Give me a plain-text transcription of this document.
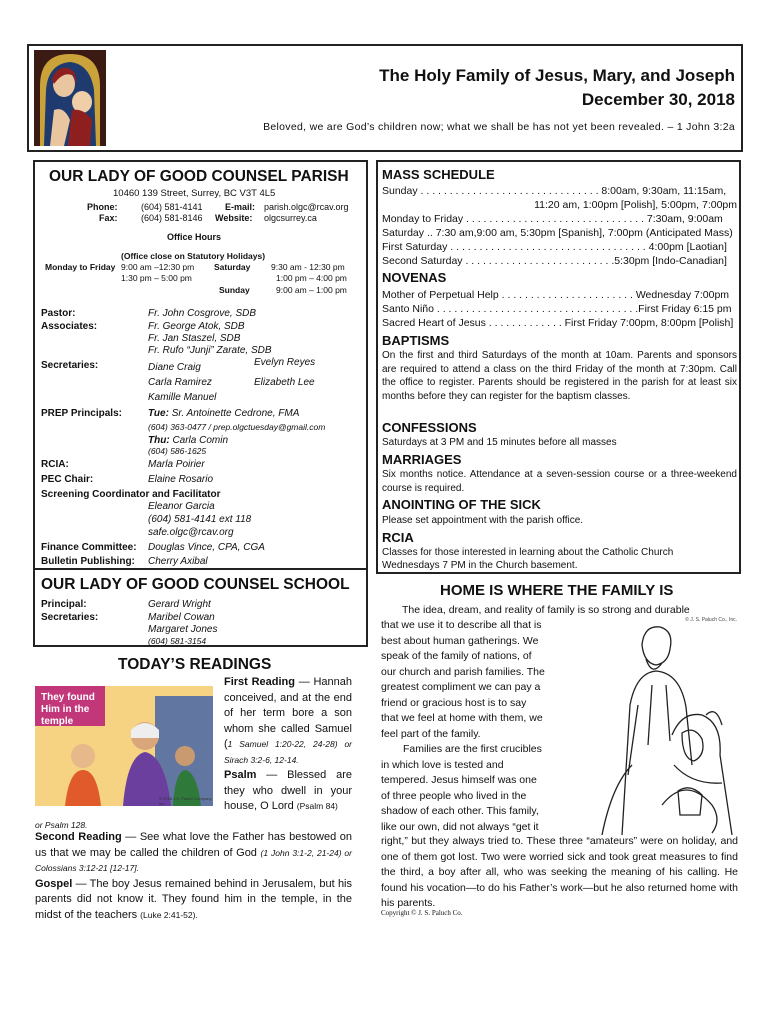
The Holy Family of Jesus, Mary, and Joseph
December 30, 2018
Beloved, we are God’s children now; what we shall be has not yet been revealed. – 1 John 3:2a
OUR LADY OF GOOD COUNSEL PARISH
10460 139 Street, Surrey, BC V3T 4L5
Phone:	(604) 581-4141 E-mail: parish.olgc@rcav.org
Fax:	(604) 581-8146 Website: olgcsurrey.ca
Office Hours
(Office close on Statutory Holidays)
Monday to Friday 9:00 am –12:30 pm
1:30 pm – 5:00 pm
Saturday 9:30 am - 12:30 pm
1:00 pm – 4:00 pm
Sunday	9:00 am – 1:00 pm
Pastor:	Fr. John Cosgrove, SDB
Associates:	Fr. George Atok, SDB
Fr. Jan Staszel, SDB
Fr. Rufo “Junji” Zarate, SDB
Secretaries:	Diane Craig	Evelyn Reyes
Carla Ramirez	Elizabeth Lee
Kamille Manuel
PREP Principals:	Tue: Sr. Antoinette Cedrone, FMA
(604) 363-0477 / prep.olgctuesday@gmail.com
Thu: Carla Comin
(604) 586-1625
RCIA:	Marla Poirier
PEC Chair:	Elaine Rosario
Screening Coordinator and Facilitator
Eleanor Garcia
(604) 581-4141 ext 118
safe.olgc@rcav.org
Finance Committee: Douglas Vince, CPA, CGA
Bulletin Publishing: Cherry Axibal
OUR LADY OF GOOD COUNSEL SCHOOL
Principal:	Gerard Wright
Secretaries:	Maribel Cowan
Margaret Jones
(604) 581-3154
TODAY’S READINGS
They found Him in the temple
© 2018 J.S. Paluch Company, Inc.
First Reading — Hannah conceived, and at the end of her term bore a son whom she called Samuel (1 Samuel 1:20-22, 24-28) or Sirach 3:2-6, 12-14.
Psalm — Blessed are they who dwell in your house, O Lord (Psalm 84)
or Psalm 128.
Second Reading — See what love the Father has bestowed on us that we may be called the children of God (1 John 3:1-2, 21-24) or Colossians 3:12-21 [12-17].
Gospel — The boy Jesus remained behind in Jerusalem, but his parents did not know it. They found him in the temple, in the midst of the teachers (Luke 2:41-52).
MASS SCHEDULE
Sunday . . . . . . . . . . . . . . . . . . . . . . . . . . . . . . . 8:00am, 9:30am, 11:15am,
11:20 am, 1:00pm [Polish], 5:00pm, 7:00pm
Monday to Friday . . . . . . . . . . . . . . . . . . . . . . . . . . . . . . . 7:30am, 9:00am
Saturday .. 7:30 am,9:00 am, 5:30pm [Spanish], 7:00pm (Anticipated Mass)
First Saturday . . . . . . . . . . . . . . . . . . . . . . . . . . . . . . . . . . 4:00pm [Laotian]
Second Saturday . . . . . . . . . . . . . . . . . . . . . . . . . .5:30pm [Indo-Canadian]
NOVENAS
Mother of Perpetual Help . . . . . . . . . . . . . . . . . . . . . . . Wednesday 7:00pm
Santo Niño . . . . . . . . . . . . . . . . . . . . . . . . . . . . . . . . . . .First Friday 6:15 pm
Sacred Heart of Jesus . . . . . . . . . . . . . First Friday 7:00pm, 8:00pm [Polish]
BAPTISMS
On the first and third Saturdays of the month at 10am. Parents and sponsors are required to attend a class on the third Friday of the month at 7:30pm. Call the office to register. Parents should be registered in the parish for at least six months before they can register for the baptism classes.
CONFESSIONS
Saturdays at 3 PM and 15 minutes before all masses
MARRIAGES
Six months notice. Attendance at a seven-session course or a three-weekend course is required.
ANOINTING OF THE SICK
Please set appointment with the parish office.
RCIA
Classes for those interested in learning about the Catholic Church
Wednesdays 7 PM in the Church basement.
HOME IS WHERE THE FAMILY IS
© J. S. Paluch Co., Inc.
The idea, dream, and reality of family is so strong and durable
that we use it to describe all that is
best about human gatherings. We
speak of the family of nations, of
our church and parish families. The
greatest compliment we can pay a
friend or gracious host is to say
that we feel at home with them, we
feel part of the family.
Families are the first crucibles
in which love is tested and
tempered. Jesus himself was one
of three people who lived in the
shadow of each other. This family,
like our own, did not always “get it
right,” but they always tried to. These three “amateurs” were on holiday, and one of them got lost. Two were worried sick and took great measures to find the third, a boy after all, who was seeking the meaning of his calling. He found his vocation—to do his Father’s work—but he also returned home with his parents.
Copyright © J. S. Paluch Co.
